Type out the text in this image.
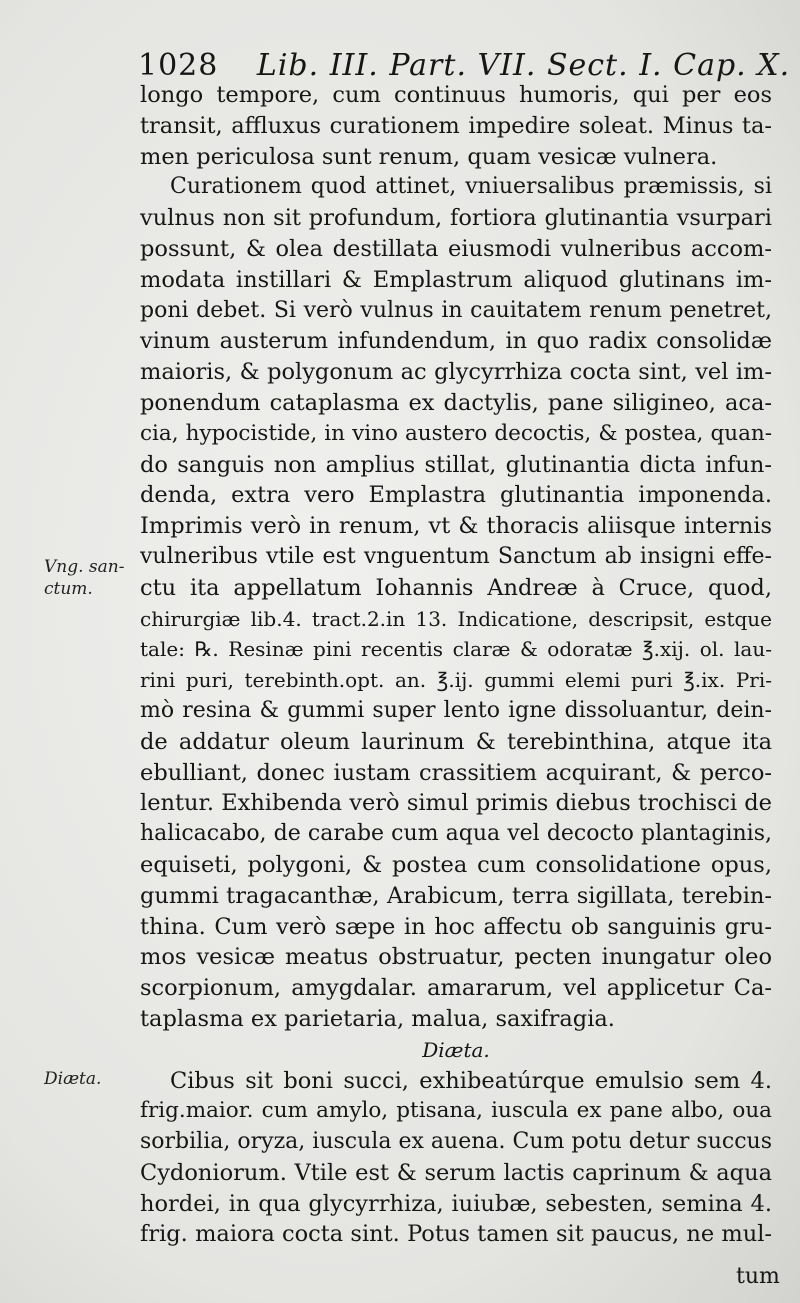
1028 Lib. III. Part. VII. Sect. I. Cap. X.
Vng. san-
ctum.
Diæta.
longo tempore, cum continuus humoris, qui per eos
transit, affluxus curationem impedire soleat. Minus ta-
men periculosa sunt renum, quam vesicæ vulnera.
Curationem quod attinet, vniuersalibus præmissis, si
vulnus non sit profundum, fortiora glutinantia vsurpari
possunt, & olea destillata eiusmodi vulneribus accom-
modata instillari & Emplastrum aliquod glutinans im-
poni debet. Si verò vulnus in cauitatem renum penetret,
vinum austerum infundendum, in quo radix consolidæ
maioris, & polygonum ac glycyrrhiza cocta sint, vel im-
ponendum cataplasma ex dactylis, pane siligineo, aca-
cia, hypocistide, in vino austero decoctis, & postea, quan-
do sanguis non amplius stillat, glutinantia dicta infun-
denda, extra vero Emplastra glutinantia imponenda.
Imprimis verò in renum, vt & thoracis aliisque internis
vulneribus vtile est vnguentum Sanctum ab insigni effe-
ctu ita appellatum Iohannis Andreæ à Cruce, quod,
chirurgiæ lib.4. tract.2.in 13. Indicatione, descripsit, estque
tale: ℞. Resinæ pini recentis claræ & odoratæ ℥.xij. ol. lau-
rini puri, terebinth.opt. an. ℥.ij. gummi elemi puri ℥.ix. Pri-
mò resina & gummi super lento igne dissoluantur, dein-
de addatur oleum laurinum & terebinthina, atque ita
ebulliant, donec iustam crassitiem acquirant, & perco-
lentur. Exhibenda verò simul primis diebus trochisci de
halicacabo, de carabe cum aqua vel decocto plantaginis,
equiseti, polygoni, & postea cum consolidatione opus,
gummi tragacanthæ, Arabicum, terra sigillata, terebin-
thina. Cum verò sæpe in hoc affectu ob sanguinis gru-
mos vesicæ meatus obstruatur, pecten inungatur oleo
scorpionum, amygdalar. amararum, vel applicetur Ca-
taplasma ex parietaria, malua, saxifragia.
Diæta.
Cibus sit boni succi, exhibeatúrque emulsio sem 4.
frig.maior. cum amylo, ptisana, iuscula ex pane albo, oua
sorbilia, oryza, iuscula ex auena. Cum potu detur succus
Cydoniorum. Vtile est & serum lactis caprinum & aqua
hordei, in qua glycyrrhiza, iuiubæ, sebesten, semina 4.
frig. maiora cocta sint. Potus tamen sit paucus, ne mul-
tum
